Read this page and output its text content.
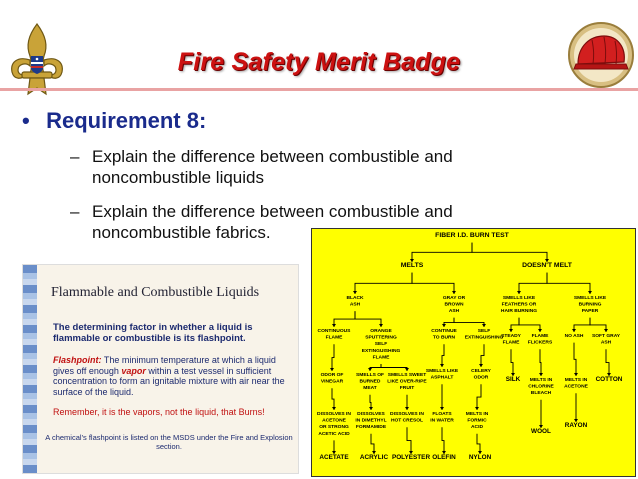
Fire Safety Merit Badge
• Requirement 8:
– Explain the difference between combustible and noncombustible liquids
– Explain the difference between combustible and noncombustible fabrics.
Flammable and Combustible Liquids
The determining factor in whether a liquid is flammable or combustible is its flashpoint.
Flashpoint: The minimum temperature at which a liquid gives off enough vapor within a test vessel in sufficient concentration to form an ignitable mixture with air near the surface of the liquid.
Remember, it is the vapors, not the liquid, that Burns!
A chemical's flashpoint is listed on the MSDS under the Fire and Explosion section.
FIBER I.D. BURN TEST
MELTS	DOESN'T MELT
BLACK ASH
GRAY OR BROWN ASH
SMELLS LIKE FEATHERS OR HAIR BURNING
SMELLS LIKE BURNING PAPER
CONTINUOUS FLAME
ORANGE SPUTTERING SELF EXTINGUISHING FLAME
CONTINUE TO BURN
SELF EXTINGUISHING
STEADY FLAME
FLAME FLICKERS
NO ASH SOFT GRAY ASH
ODOR OF VINEGAR
SMELLS OF BURNED MEAT
SMELLS SWEET LIKE OVER-RIPE FRUIT
SMELLS LIKE ASPHALT
CELERY ODOR	SILK	MELTS IN CHLORINE BLEACH
MELTS IN ACETONE
COTTON
DISSOLVES IN ACETONE OR STRONG ACETIC ACID
DISSOLVES IN DIMETHYL FORMAMIDE
DISSOLVES IN HOT CRESOL
FLOATS IN WATER
MELTS IN FORMIC ACID
WOOL
RAYON
ACETATE ACRYLIC POLYESTER OLEFIN NYLON
